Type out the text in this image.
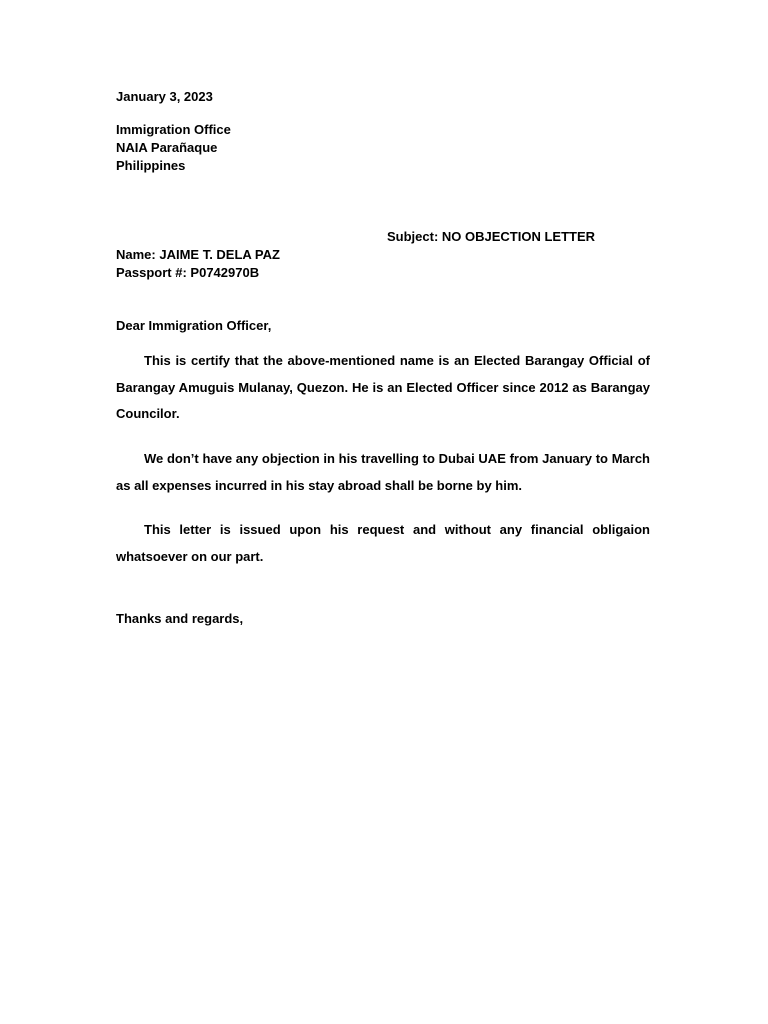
January 3, 2023
Immigration Office
NAIA Parañaque
Philippines
Subject: NO OBJECTION LETTER
Name: JAIME T. DELA PAZ
Passport #: P0742970B
Dear Immigration Officer,

This is certify that the above-mentioned name is an Elected Barangay Official of Barangay Amuguis Mulanay, Quezon. He is an Elected Officer since 2012 as Barangay Councilor.

We don’t have any objection in his travelling to Dubai UAE from January to March as all expenses incurred in his stay abroad shall be borne by him.

This letter is issued upon his request and without any financial obligaion whatsoever on our part.

Thanks and regards,
